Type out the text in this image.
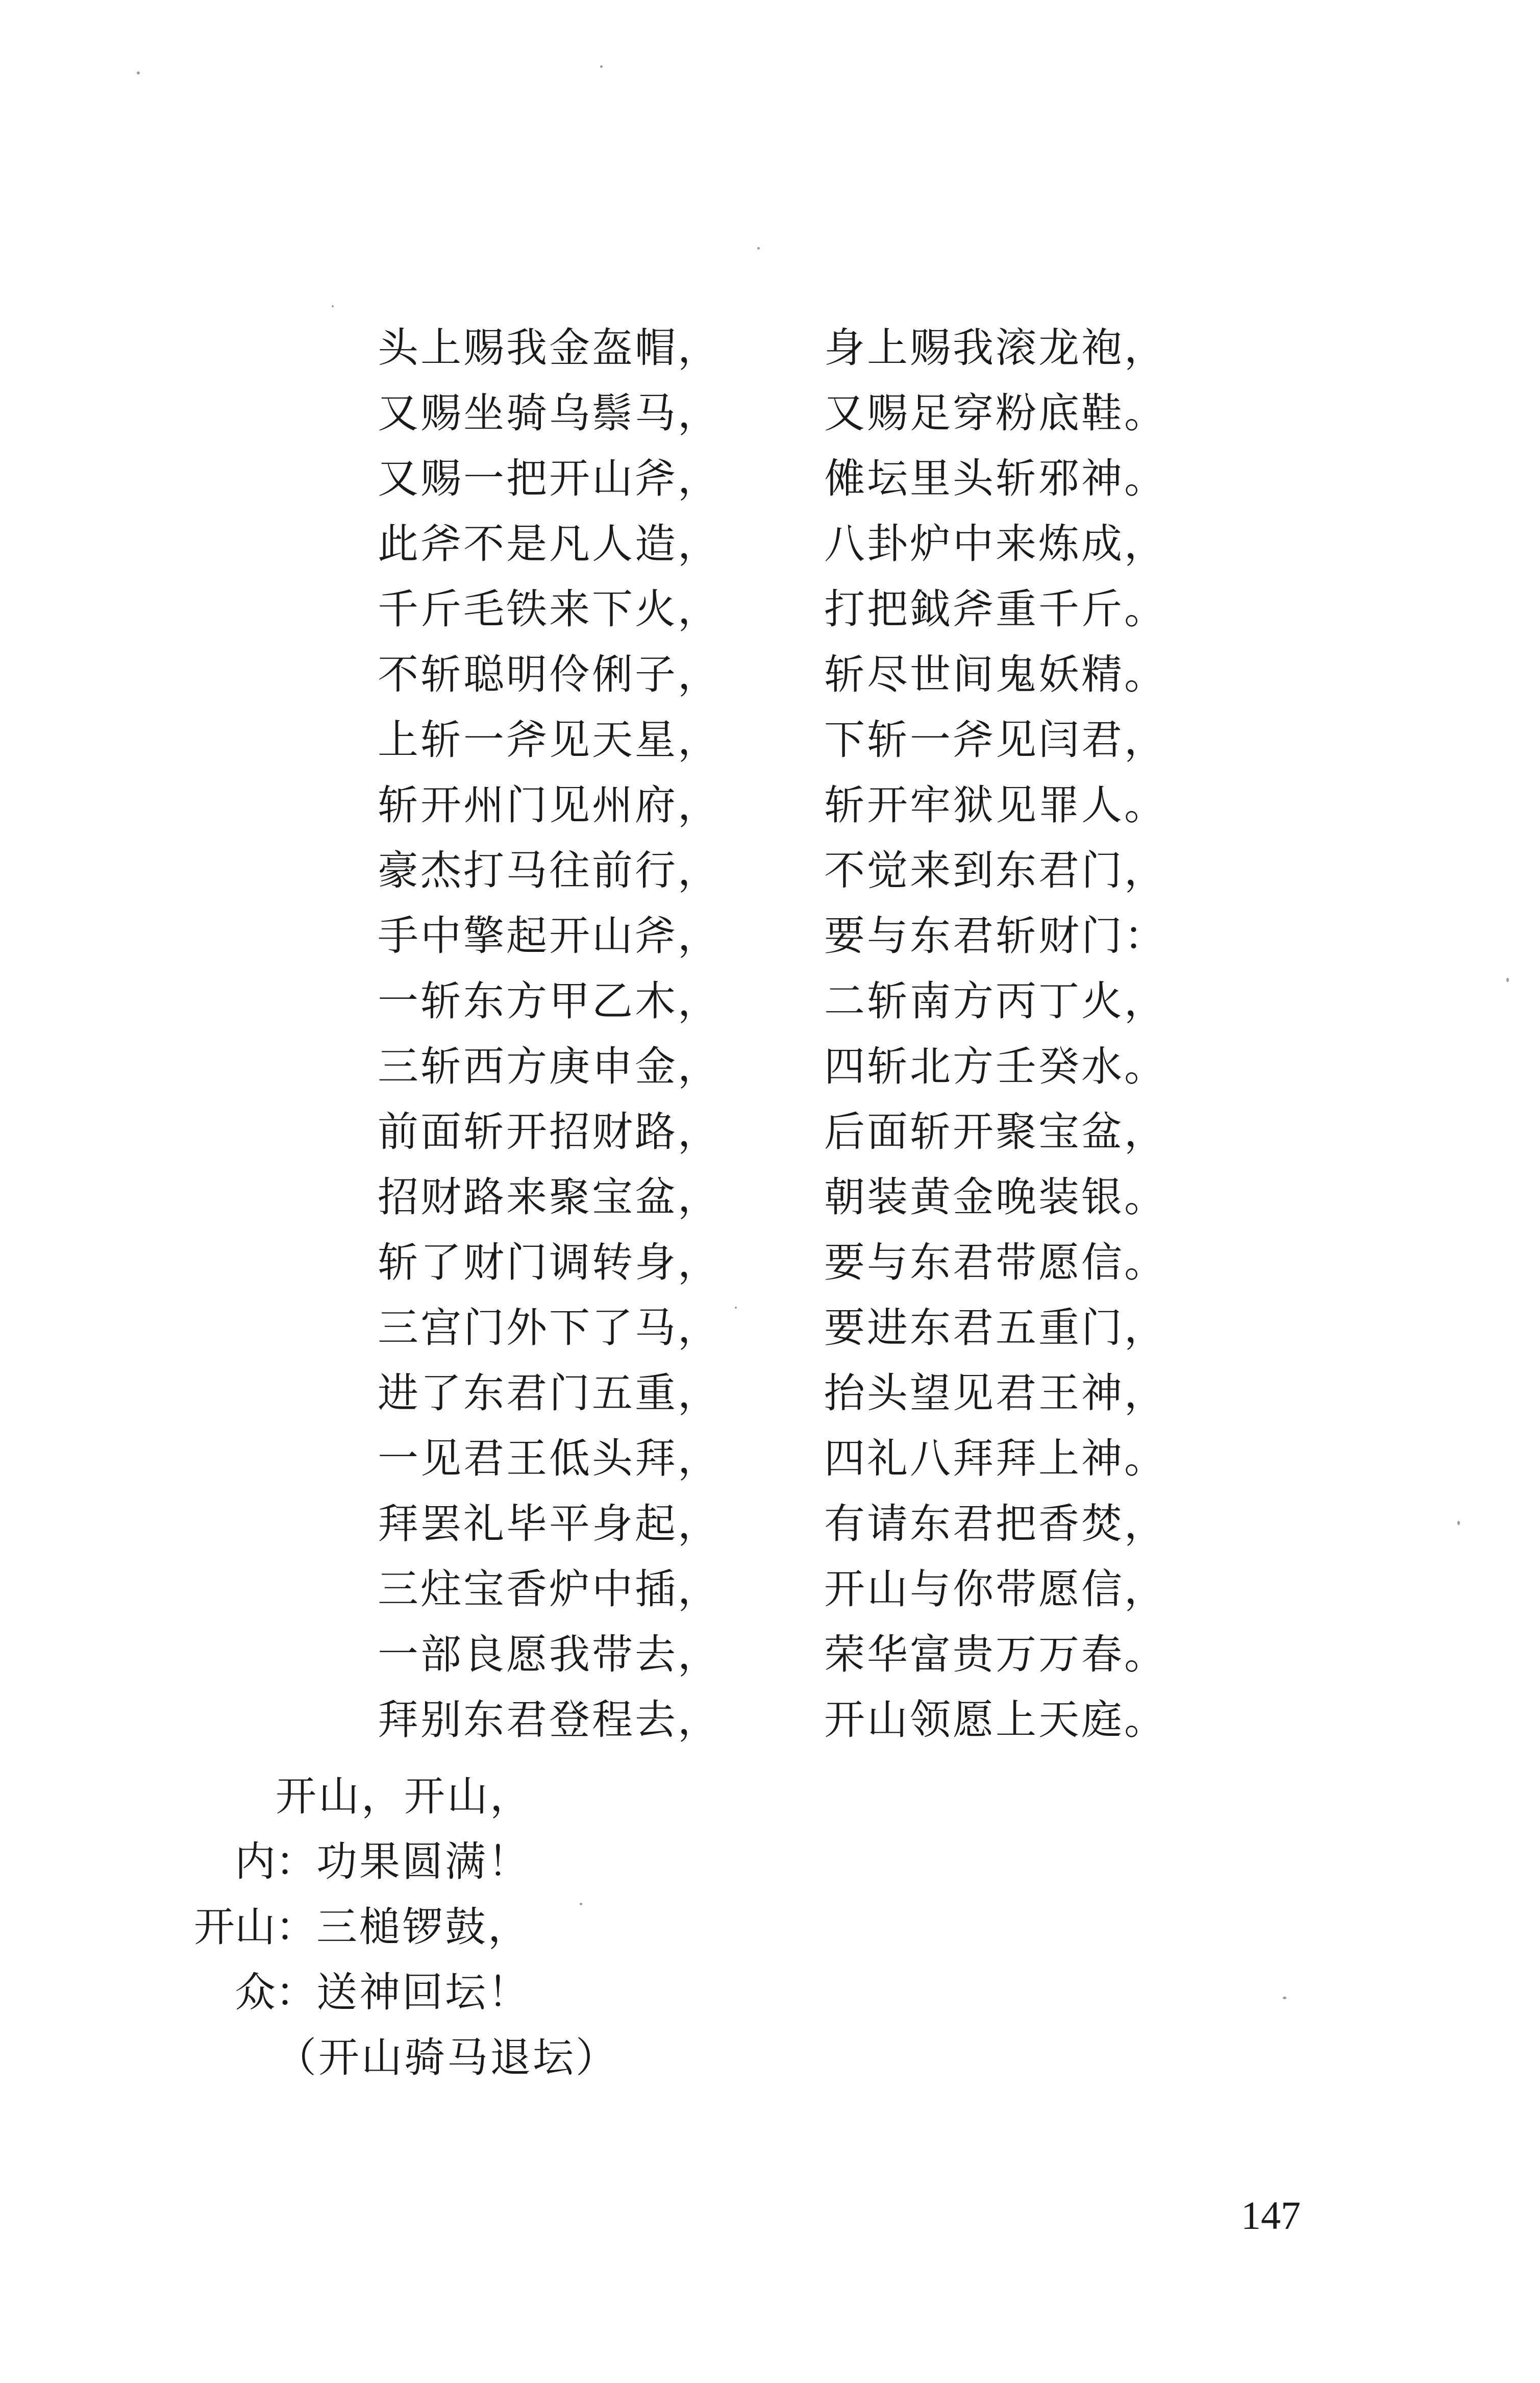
头上赐我金盔帽，
又赐坐骑乌鬃马，
又赐一把开山斧，
此斧不是凡人造，
千斤毛铁来下火，
不斩聪明伶俐子，
上斩一斧见天星，
斩开州门见州府，
豪杰打马往前行，
手中擎起开山斧，
一斩东方甲乙木，
三斩西方庚申金，
前面斩开招财路，
招财路来聚宝盆，
斩了财门调转身，
三宫门外下了马，
进了东君门五重，
一见君王低头拜，
拜罢礼毕平身起，
三炷宝香炉中插，
一部良愿我带去，
拜别东君登程去，
身上赐我滚龙袍，
又赐足穿粉底鞋。
傩坛里头斩邪神。
八卦炉中来炼成，
打把鉞斧重千斤。
斩尽世间鬼妖精。
下斩一斧见闫君，
斩开牢狱见罪人。
不觉来到东君门，
要与东君斩财门：
二斩南方丙丁火，
四斩北方壬癸水。
后面斩开聚宝盆，
朝装黄金晚装银。
要与东君带愿信。
要进东君五重门，
抬头望见君王神，
四礼八拜拜上神。
有请东君把香焚，
开山与你带愿信，
荣华富贵万万春。
开山领愿上天庭。
开山，开山，
内 ： 功果圆满！
开山 ： 三槌锣鼓，
众 ： 送神回坛！
（开山骑马退坛）
147
